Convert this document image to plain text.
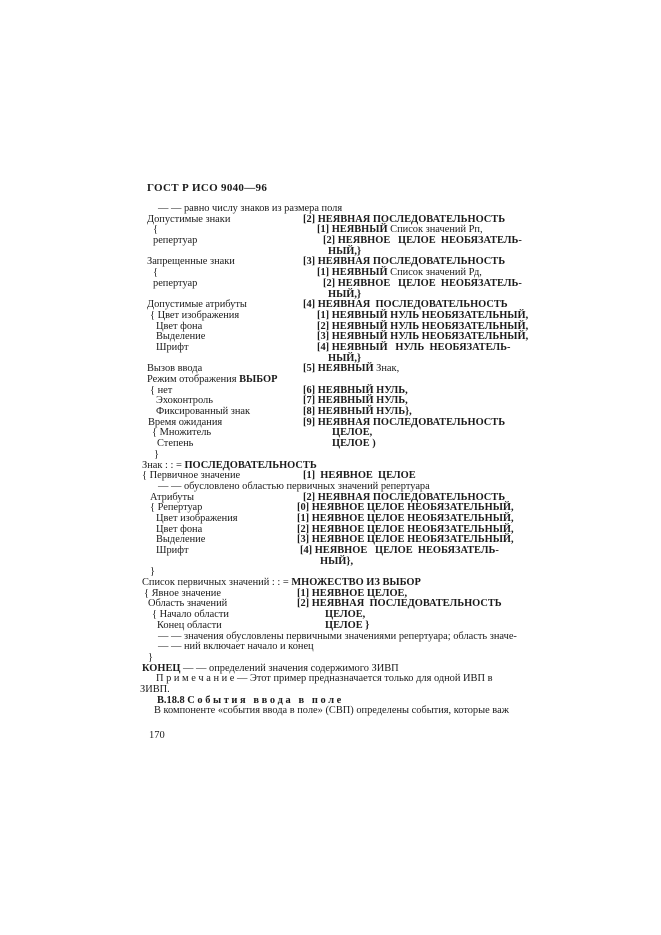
ГОСТ Р ИСО 9040—96
— — равно числу знаков из размера поля
Допустимые знаки	[2] НЕЯВНАЯ ПОСЛЕДОВАТЕЛЬНОСТЬ
{	[1] НЕЯВНЫЙ Список значений Рп,
репертуар	[2] НЕЯВНОЕ   ЦЕЛОЕ  НЕОБЯЗАТЕЛЬ-
НЫЙ,}
Запрещенные знаки	[3] НЕЯВНАЯ ПОСЛЕДОВАТЕЛЬНОСТЬ
{	[1] НЕЯВНЫЙ Список значений Рд,
репертуар	[2] НЕЯВНОЕ   ЦЕЛОЕ  НЕОБЯЗАТЕЛЬ-
НЫЙ,}
Допустимые атрибуты	[4] НЕЯВНАЯ  ПОСЛЕДОВАТЕЛЬНОСТЬ
{ Цвет изображения	[1] НЕЯВНЫЙ НУЛЬ НЕОБЯЗАТЕЛЬНЫЙ,
Цвет фона	[2] НЕЯВНЫЙ НУЛЬ НЕОБЯЗАТЕЛЬНЫЙ,
Выделение	[3] НЕЯВНЫЙ НУЛЬ НЕОБЯЗАТЕЛЬНЫЙ,
Шрифт	[4] НЕЯВНЫЙ   НУЛЬ  НЕОБЯЗАТЕЛЬ-
НЫЙ,}
Вызов ввода	[5] НЕЯВНЫЙ Знак,
Режим отображения ВЫБОР
{ нет	[6] НЕЯВНЫЙ НУЛЬ,
Эхоконтроль	[7] НЕЯВНЫЙ НУЛЬ,
Фиксированный знак	[8] НЕЯВНЫЙ НУЛЬ},
Время ожидания	[9] НЕЯВНАЯ ПОСЛЕДОВАТЕЛЬНОСТЬ
{ Множитель	ЦЕЛОЕ,
Степень	ЦЕЛОЕ )
}
Знак : : = ПОСЛЕДОВАТЕЛЬНОСТЬ
{ Первичное значение	[1]  НЕЯВНОЕ  ЦЕЛОЕ
— — обусловлено областью первичных значений репертуара
Атрибуты	[2] НЕЯВНАЯ ПОСЛЕДОВАТЕЛЬНОСТЬ
{ Репертуар	[0] НЕЯВНОЕ ЦЕЛОЕ НЕОБЯЗАТЕЛЬНЫЙ,
Цвет изображения	[1] НЕЯВНОЕ ЦЕЛОЕ НЕОБЯЗАТЕЛЬНЫЙ,
Цвет фона	[2] НЕЯВНОЕ ЦЕЛОЕ НЕОБЯЗАТЕЛЬНЫЙ,
Выделение	[3] НЕЯВНОЕ ЦЕЛОЕ НЕОБЯЗАТЕЛЬНЫЙ,
Шрифт	[4] НЕЯВНОЕ   ЦЕЛОЕ  НЕОБЯЗАТЕЛЬ-
НЫЙ},
}
Список первичных значений : : = МНОЖЕСТВО ИЗ ВЫБОР
{ Явное значение	[1] НЕЯВНОЕ ЦЕЛОЕ,
Область значений	[2] НЕЯВНАЯ  ПОСЛЕДОВАТЕЛЬНОСТЬ
{ Начало области	ЦЕЛОЕ,
Конец области	ЦЕЛОЕ }
— — значения обусловлены первичными значениями репертуара; область значе-
— — ний включает начало и конец
}
КОНЕЦ — — определений значения содержимого ЗИВП
П р и м е ч а н и е — Этот пример предназначается только для одной ИВП в
ЗИВП.
В.18.8 С о б ы т и я   в в о д а   в   п о л е
В компоненте «события ввода в поле» (СВП) определены события, которые важ
170
